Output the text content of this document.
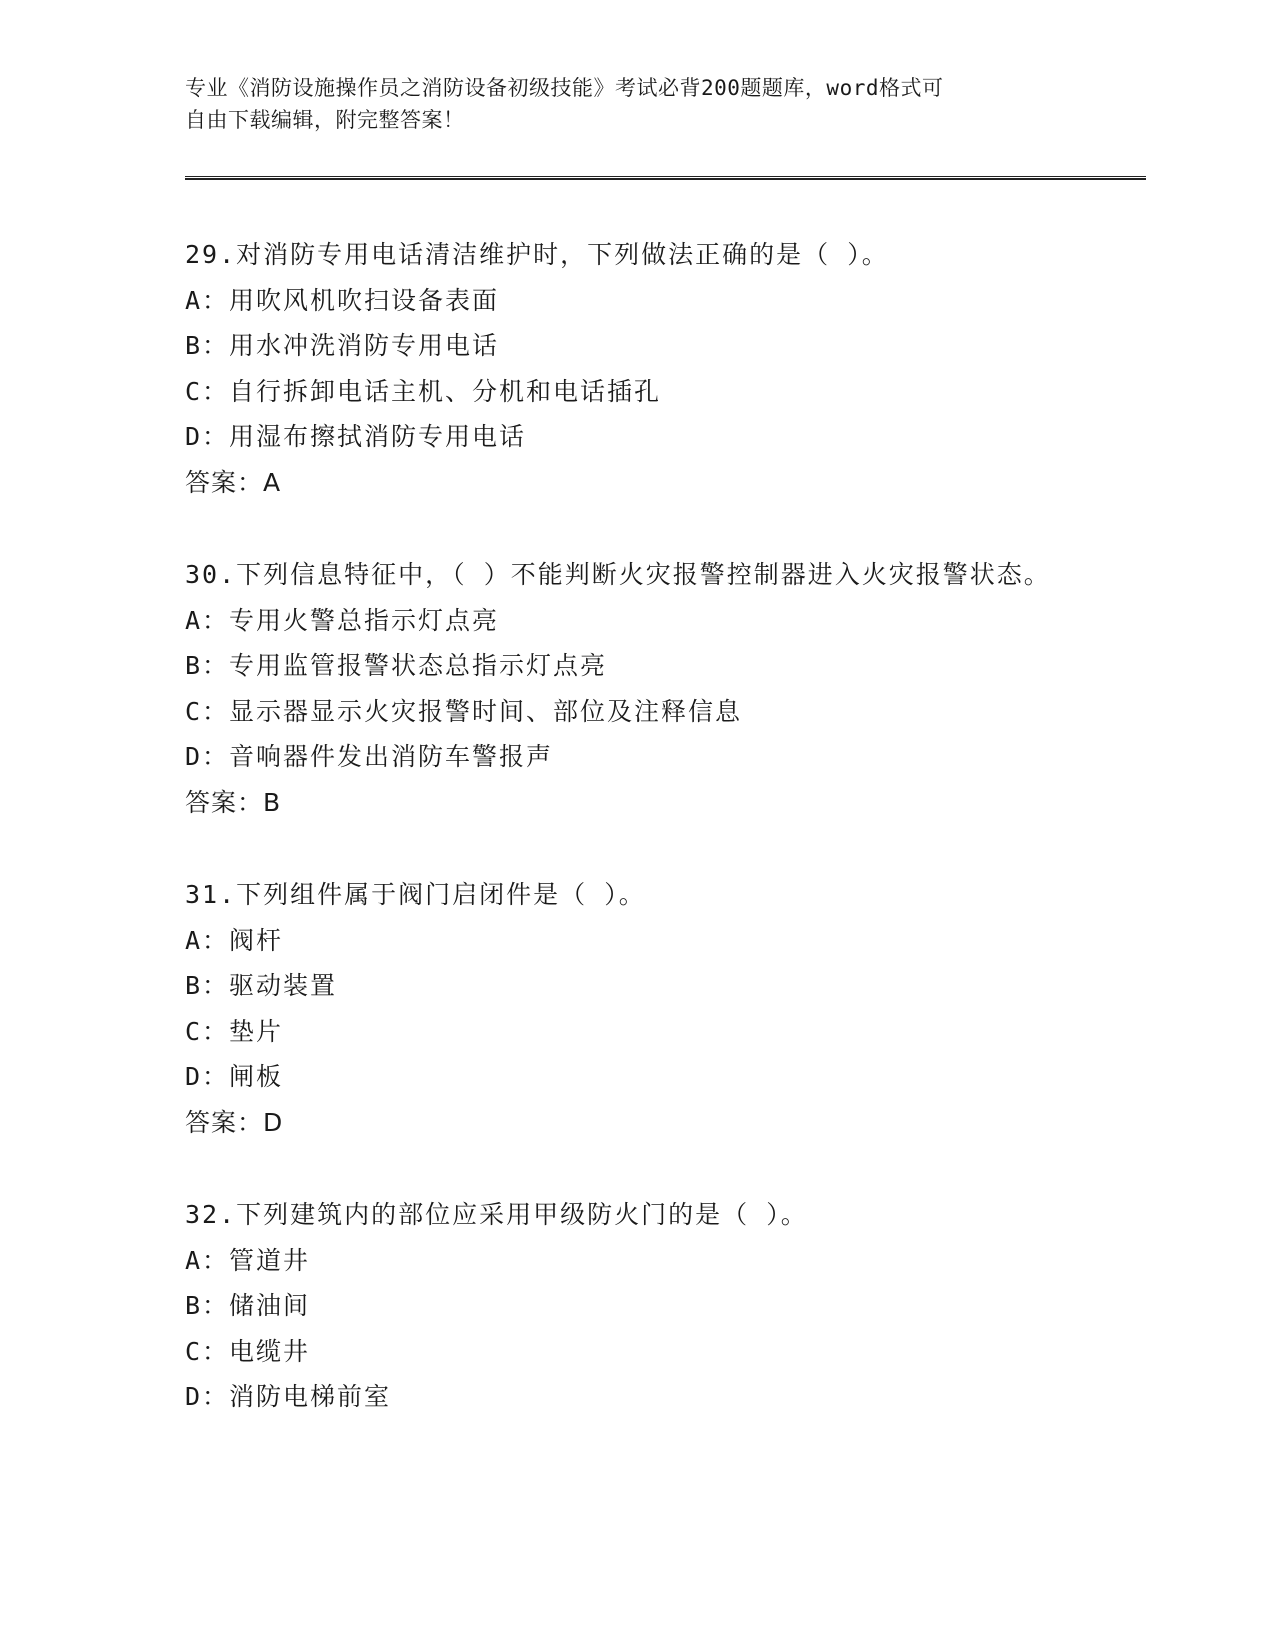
专业《消防设施操作员之消防设备初级技能》考试必背200题题库，word格式可
自由下载编辑，附完整答案！
29.对消防专用电话清洁维护时，下列做法正确的是（ ）。
A：用吹风机吹扫设备表面
B：用水冲洗消防专用电话
C：自行拆卸电话主机、分机和电话插孔
D：用湿布擦拭消防专用电话
答案：A
30.下列信息特征中，（ ）不能判断火灾报警控制器进入火灾报警状态。
A：专用火警总指示灯点亮
B：专用监管报警状态总指示灯点亮
C：显示器显示火灾报警时间、部位及注释信息
D：音响器件发出消防车警报声
答案：B
31.下列组件属于阀门启闭件是（ ）。
A：阀杆
B：驱动装置
C：垫片
D：闸板
答案：D
32.下列建筑内的部位应采用甲级防火门的是（ ）。
A：管道井
B：储油间
C：电缆井
D：消防电梯前室
